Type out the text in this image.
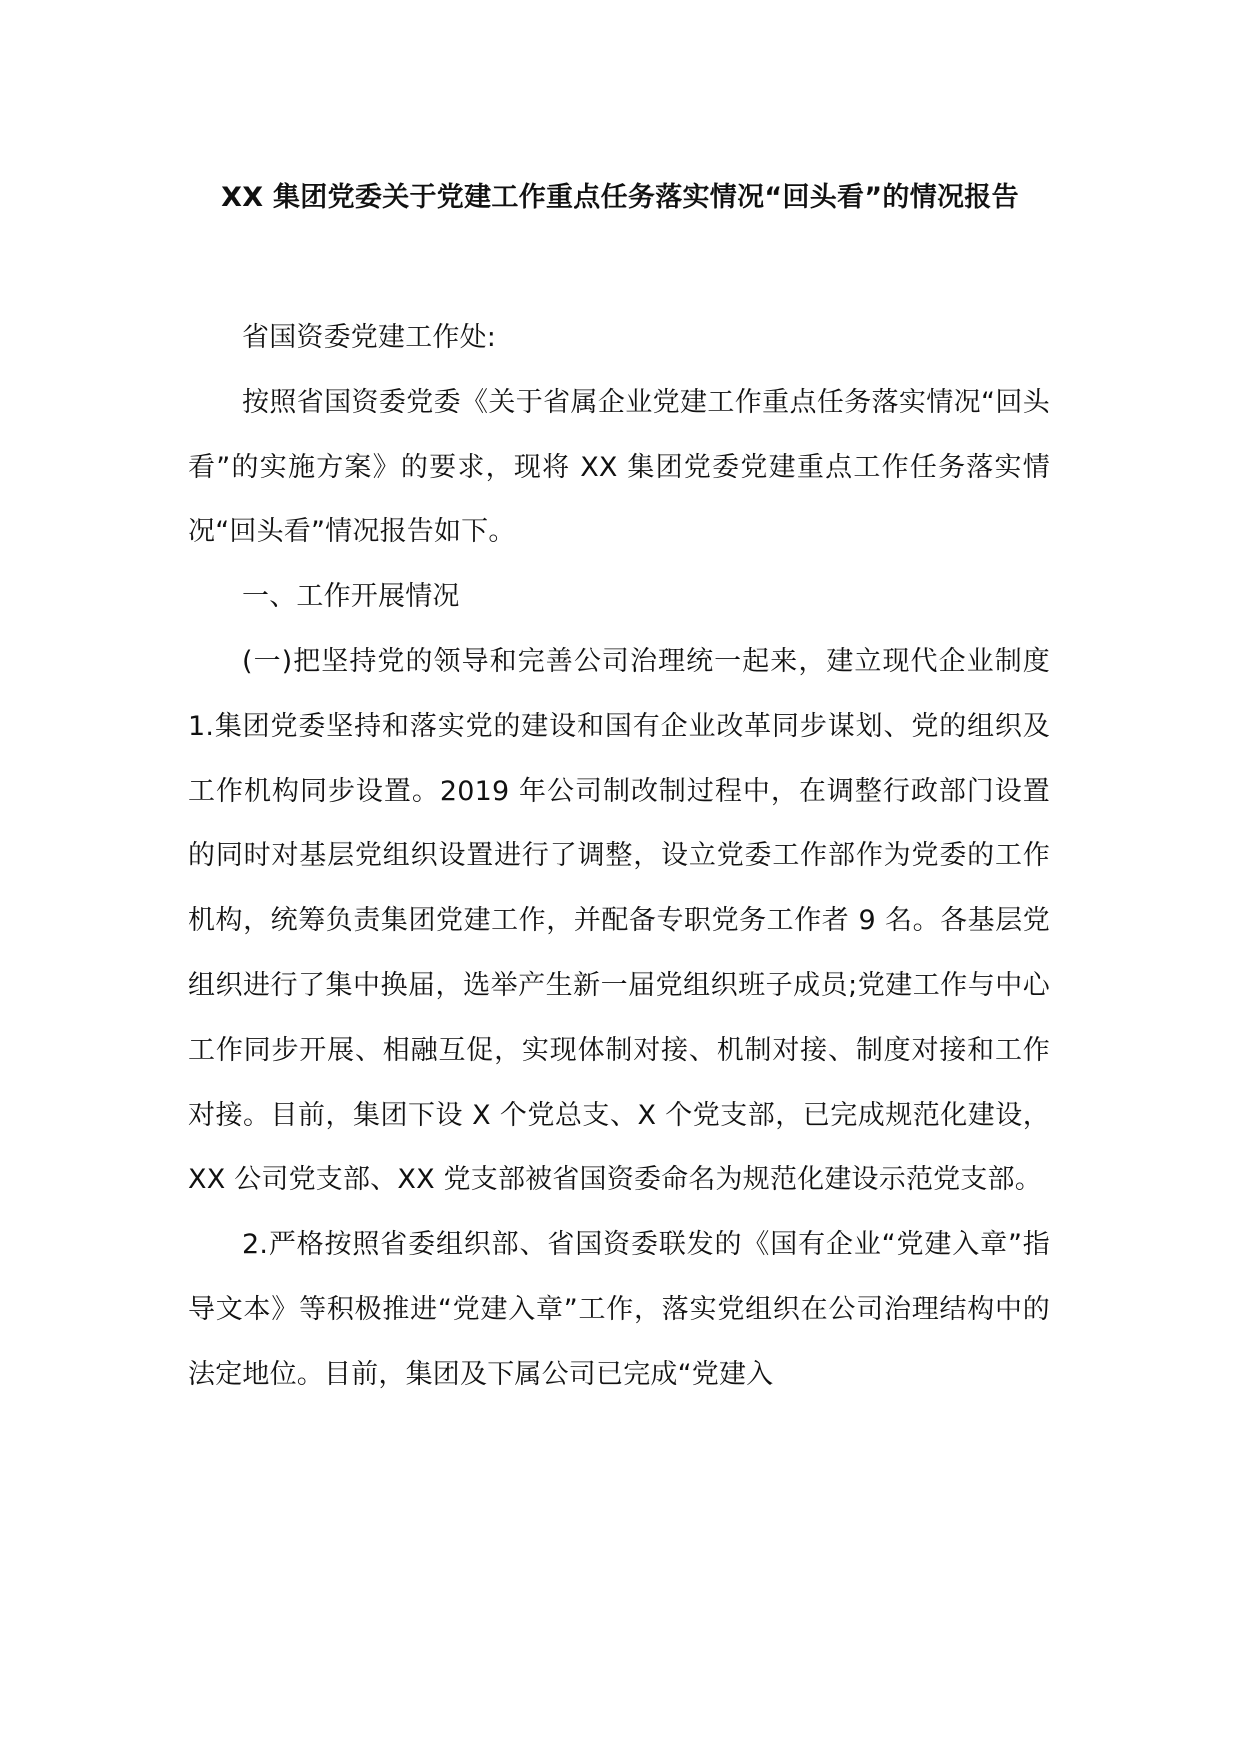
XX 集团党委关于党建工作重点任务落实情况“回头看”的情况报告

省国资委党建工作处:

按照省国资委党委《关于省属企业党建工作重点任务落实情况“回头看”的实施方案》的要求，现将 XX 集团党委党建重点工作任务落实情况“回头看”情况报告如下。

一、工作开展情况

(一)把坚持党的领导和完善公司治理统一起来，建立现代企业制度 1.集团党委坚持和落实党的建设和国有企业改革同步谋划、党的组织及工作机构同步设置。2019 年公司制改制过程中，在调整行政部门设置的同时对基层党组织设置进行了调整，设立党委工作部作为党委的工作机构，统筹负责集团党建工作，并配备专职党务工作者 9 名。各基层党组织进行了集中换届，选举产生新一届党组织班子成员;党建工作与中心工作同步开展、相融互促，实现体制对接、机制对接、制度对接和工作对接。目前，集团下设 X 个党总支、X 个党支部，已完成规范化建设，XX 公司党支部、XX 党支部被省国资委命名为规范化建设示范党支部。

2.严格按照省委组织部、省国资委联发的《国有企业“党建入章”指导文本》等积极推进“党建入章”工作，落实党组织在公司治理结构中的法定地位。目前，集团及下属公司已完成“党建入
